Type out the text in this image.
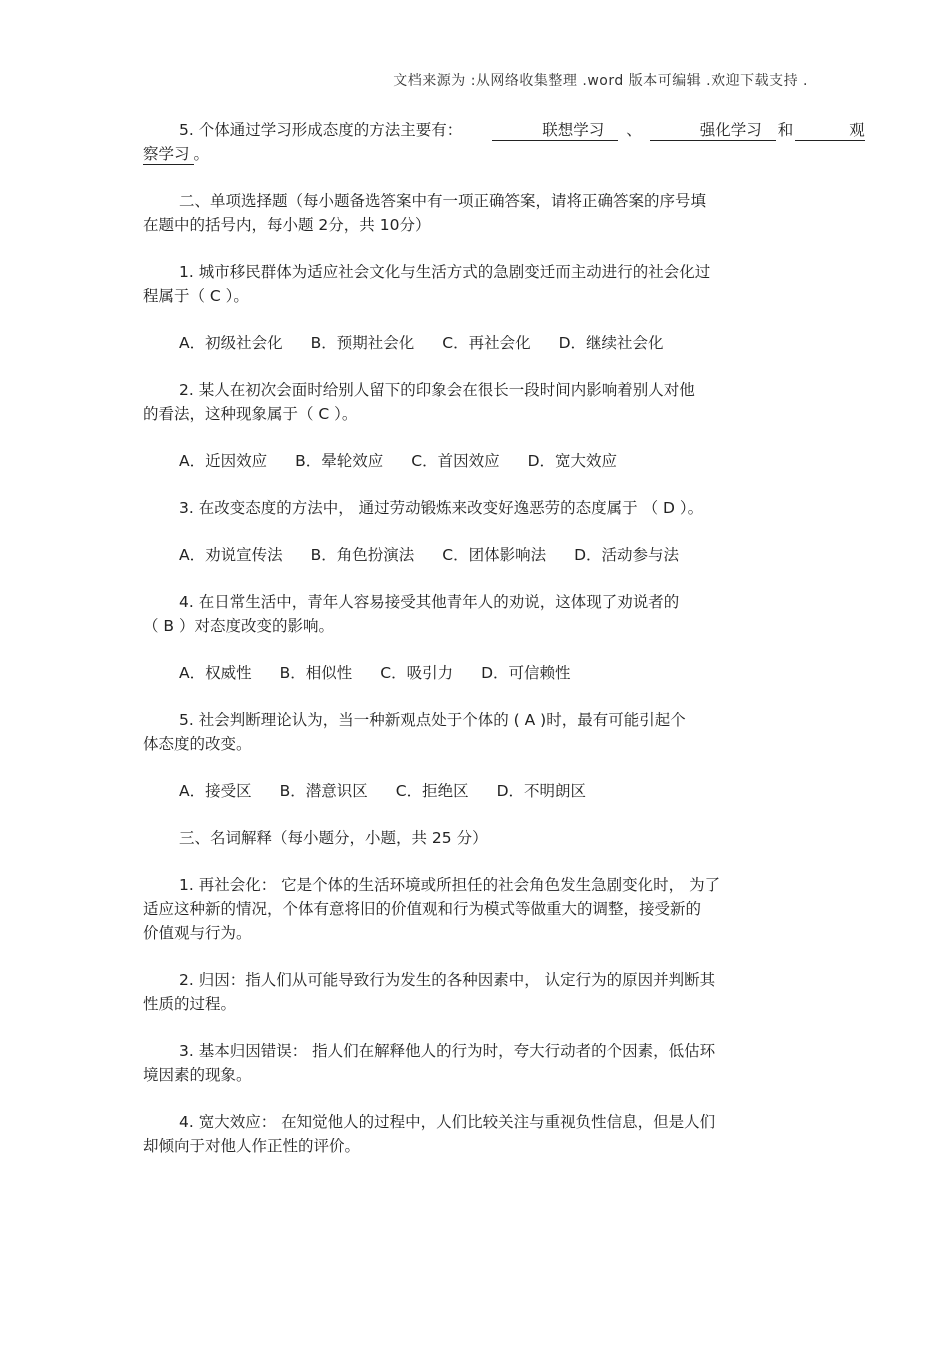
文档来源为 :从网络收集整理 .word 版本可编辑 .欢迎下载支持 .

5. 个体通过学习形成态度的方法主要有：	联想学习 、	强化学习 和	观

察学习 。

二、单项选择题（每小题备选答案中有一项正确答案，请将正确答案的序号填

在题中的括号内，每小题 2分，共 10分）

1. 城市移民群体为适应社会文化与生活方式的急剧变迁而主动进行的社会化过

程属于（ C ）。

A．初级社会化 B．预期社会化 C．再社会化 D．继续社会化

2. 某人在初次会面时给别人留下的印象会在很长一段时间内影响着别人对他

的看法，这种现象属于（ C ）。

A．近因效应 B．晕轮效应 C．首因效应 D．宽大效应

3. 在改变态度的方法中， 通过劳动锻炼来改变好逸恶劳的态度属于 （ D ）。

A．劝说宣传法 B．角色扮演法 C．团体影响法 D．活动参与法

4. 在日常生活中，青年人容易接受其他青年人的劝说，这体现了劝说者的

（ B ）对态度改变的影响。

A．权威性 B．相似性 C．吸引力 D．可信赖性

5. 社会判断理论认为，当一种新观点处于个体的 ( A )时，最有可能引起个

体态度的改变。

A．接受区 B．潜意识区 C．拒绝区 D．不明朗区

三、名词解释（每小题分，小题，共 25 分）

1. 再社会化： 它是个体的生活环境或所担任的社会角色发生急剧变化时， 为了

适应这种新的情况，个体有意将旧的价值观和行为模式等做重大的调整，接受新的

价值观与行为。

2. 归因：指人们从可能导致行为发生的各种因素中， 认定行为的原因并判断其

性质的过程。

3. 基本归因错误： 指人们在解释他人的行为时，夸大行动者的个因素，低估环

境因素的现象。

4. 宽大效应： 在知觉他人的过程中，人们比较关注与重视负性信息，但是人们

却倾向于对他人作正性的评价。
